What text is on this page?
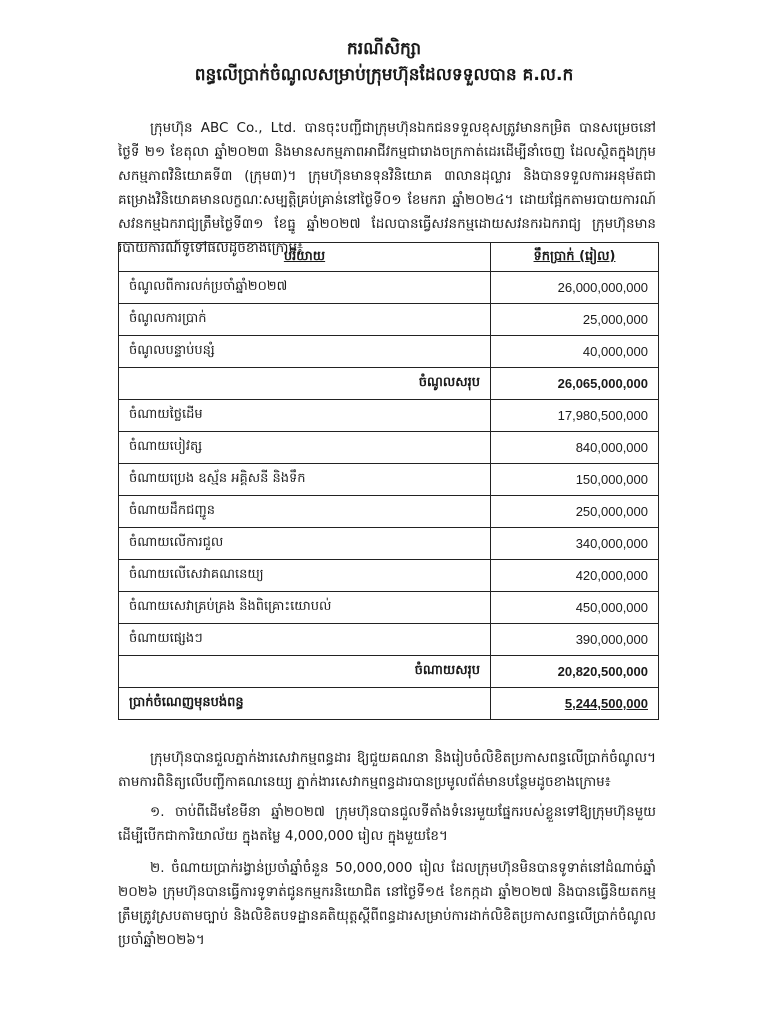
ករណីសិក្សា
ពន្ធលើប្រាក់ចំណូលសម្រាប់ក្រុមហ៊ុនដែលទទួលបាន គ.ល.ក
ក្រុមហ៊ុន ABC Co., Ltd. បានចុះបញ្ជីជាក្រុមហ៊ុនឯកជនទទួលខុសត្រូវមានកម្រិត បានសម្រេចនៅថ្ងៃទី ២១ ខែតុលា ឆ្នាំ២០២៣ និងមានសកម្មភាពអាជីវកម្មជារោងចក្រកាត់ដេរដើម្បីនាំចេញ ដែលស្ថិតក្នុងក្រុមសកម្មភាពវិនិយោគទី៣ (ក្រុម៣)។ ក្រុមហ៊ុនមានទុនវិនិយោគ ៣លានដុល្លារ និងបានទទួលការអនុម័តជាគម្រោងវិនិយោគមានលក្ខណៈសម្បត្តិគ្រប់គ្រាន់នៅថ្ងៃទី០១ ខែមករា ឆ្នាំ២០២៤។ ដោយផ្អែកតាមរបាយការណ៍សវនកម្មឯករាជ្យត្រឹមថ្ងៃទី៣១ ខែធ្នូ ឆ្នាំ២០២៧ ដែលបានធ្វើសវនកម្មដោយសវនករឯករាជ្យ ក្រុមហ៊ុនមានរបាយការណ៍ទូទៅផលដូចខាងក្រោម៖
បរិយាយ	ទឹកប្រាក់ (រៀល)
ចំណូលពីការលក់ប្រចាំឆ្នាំ២០២៧	26,000,000,000
ចំណូលការប្រាក់	25,000,000
ចំណូលបន្ទាប់បន្សំ	40,000,000
ចំណូលសរុប	26,065,000,000
ចំណាយថ្លៃដើម	17,980,500,000
ចំណាយបៀវត្ស	840,000,000
ចំណាយប្រេង ឧស្ម័ន អគ្គិសនី និងទឹក	150,000,000
ចំណាយដឹកជញ្ជូន	250,000,000
ចំណាយលើការជួល	340,000,000
ចំណាយលើសេវាគណនេយ្យ	420,000,000
ចំណាយសេវាគ្រប់គ្រង និងពិគ្រោះយោបល់	450,000,000
ចំណាយផ្សេងៗ	390,000,000
ចំណាយសរុប	20,820,500,000
ប្រាក់ចំណេញមុនបង់ពន្ធ	5,244,500,000
ក្រុមហ៊ុនបានជួលភ្នាក់ងារសេវាកម្មពន្ធដារ ឱ្យជួយគណនា និងរៀបចំលិខិតប្រកាសពន្ធលើប្រាក់ចំណូល។ តាមការពិនិត្យលើបញ្ជីកាគណនេយ្យ ភ្នាក់ងារសេវាកម្មពន្ធដារបានប្រមូលព័ត៌មានបន្ថែមដូចខាងក្រោម៖
១. ចាប់ពីដើមខែមីនា ឆ្នាំ២០២៧ ក្រុមហ៊ុនបានជួលទីតាំងទំនេរមួយផ្នែករបស់ខ្លួនទៅឱ្យក្រុមហ៊ុនមួយ ដើម្បីបើកជាការិយាល័យ ក្នុងតម្លៃ 4,000,000 រៀល ក្នុងមួយខែ។
២. ចំណាយប្រាក់រង្វាន់ប្រចាំឆ្នាំចំនួន 50,000,000 រៀល ដែលក្រុមហ៊ុនមិនបានទូទាត់នៅដំណាច់ឆ្នាំ ២០២៦ ក្រុមហ៊ុនបានធ្វើការទូទាត់ជូនកម្មករនិយោជិត នៅថ្ងៃទី១៥ ខែកក្កដា ឆ្នាំ២០២៧ និងបានធ្វើនិយតកម្មត្រឹមត្រូវស្របតាមច្បាប់ និងលិខិតបទដ្ឋានគតិយុត្តស្តីពីពន្ធដារសម្រាប់ការដាក់លិខិតប្រកាសពន្ធលើប្រាក់ចំណូលប្រចាំឆ្នាំ២០២៦។
